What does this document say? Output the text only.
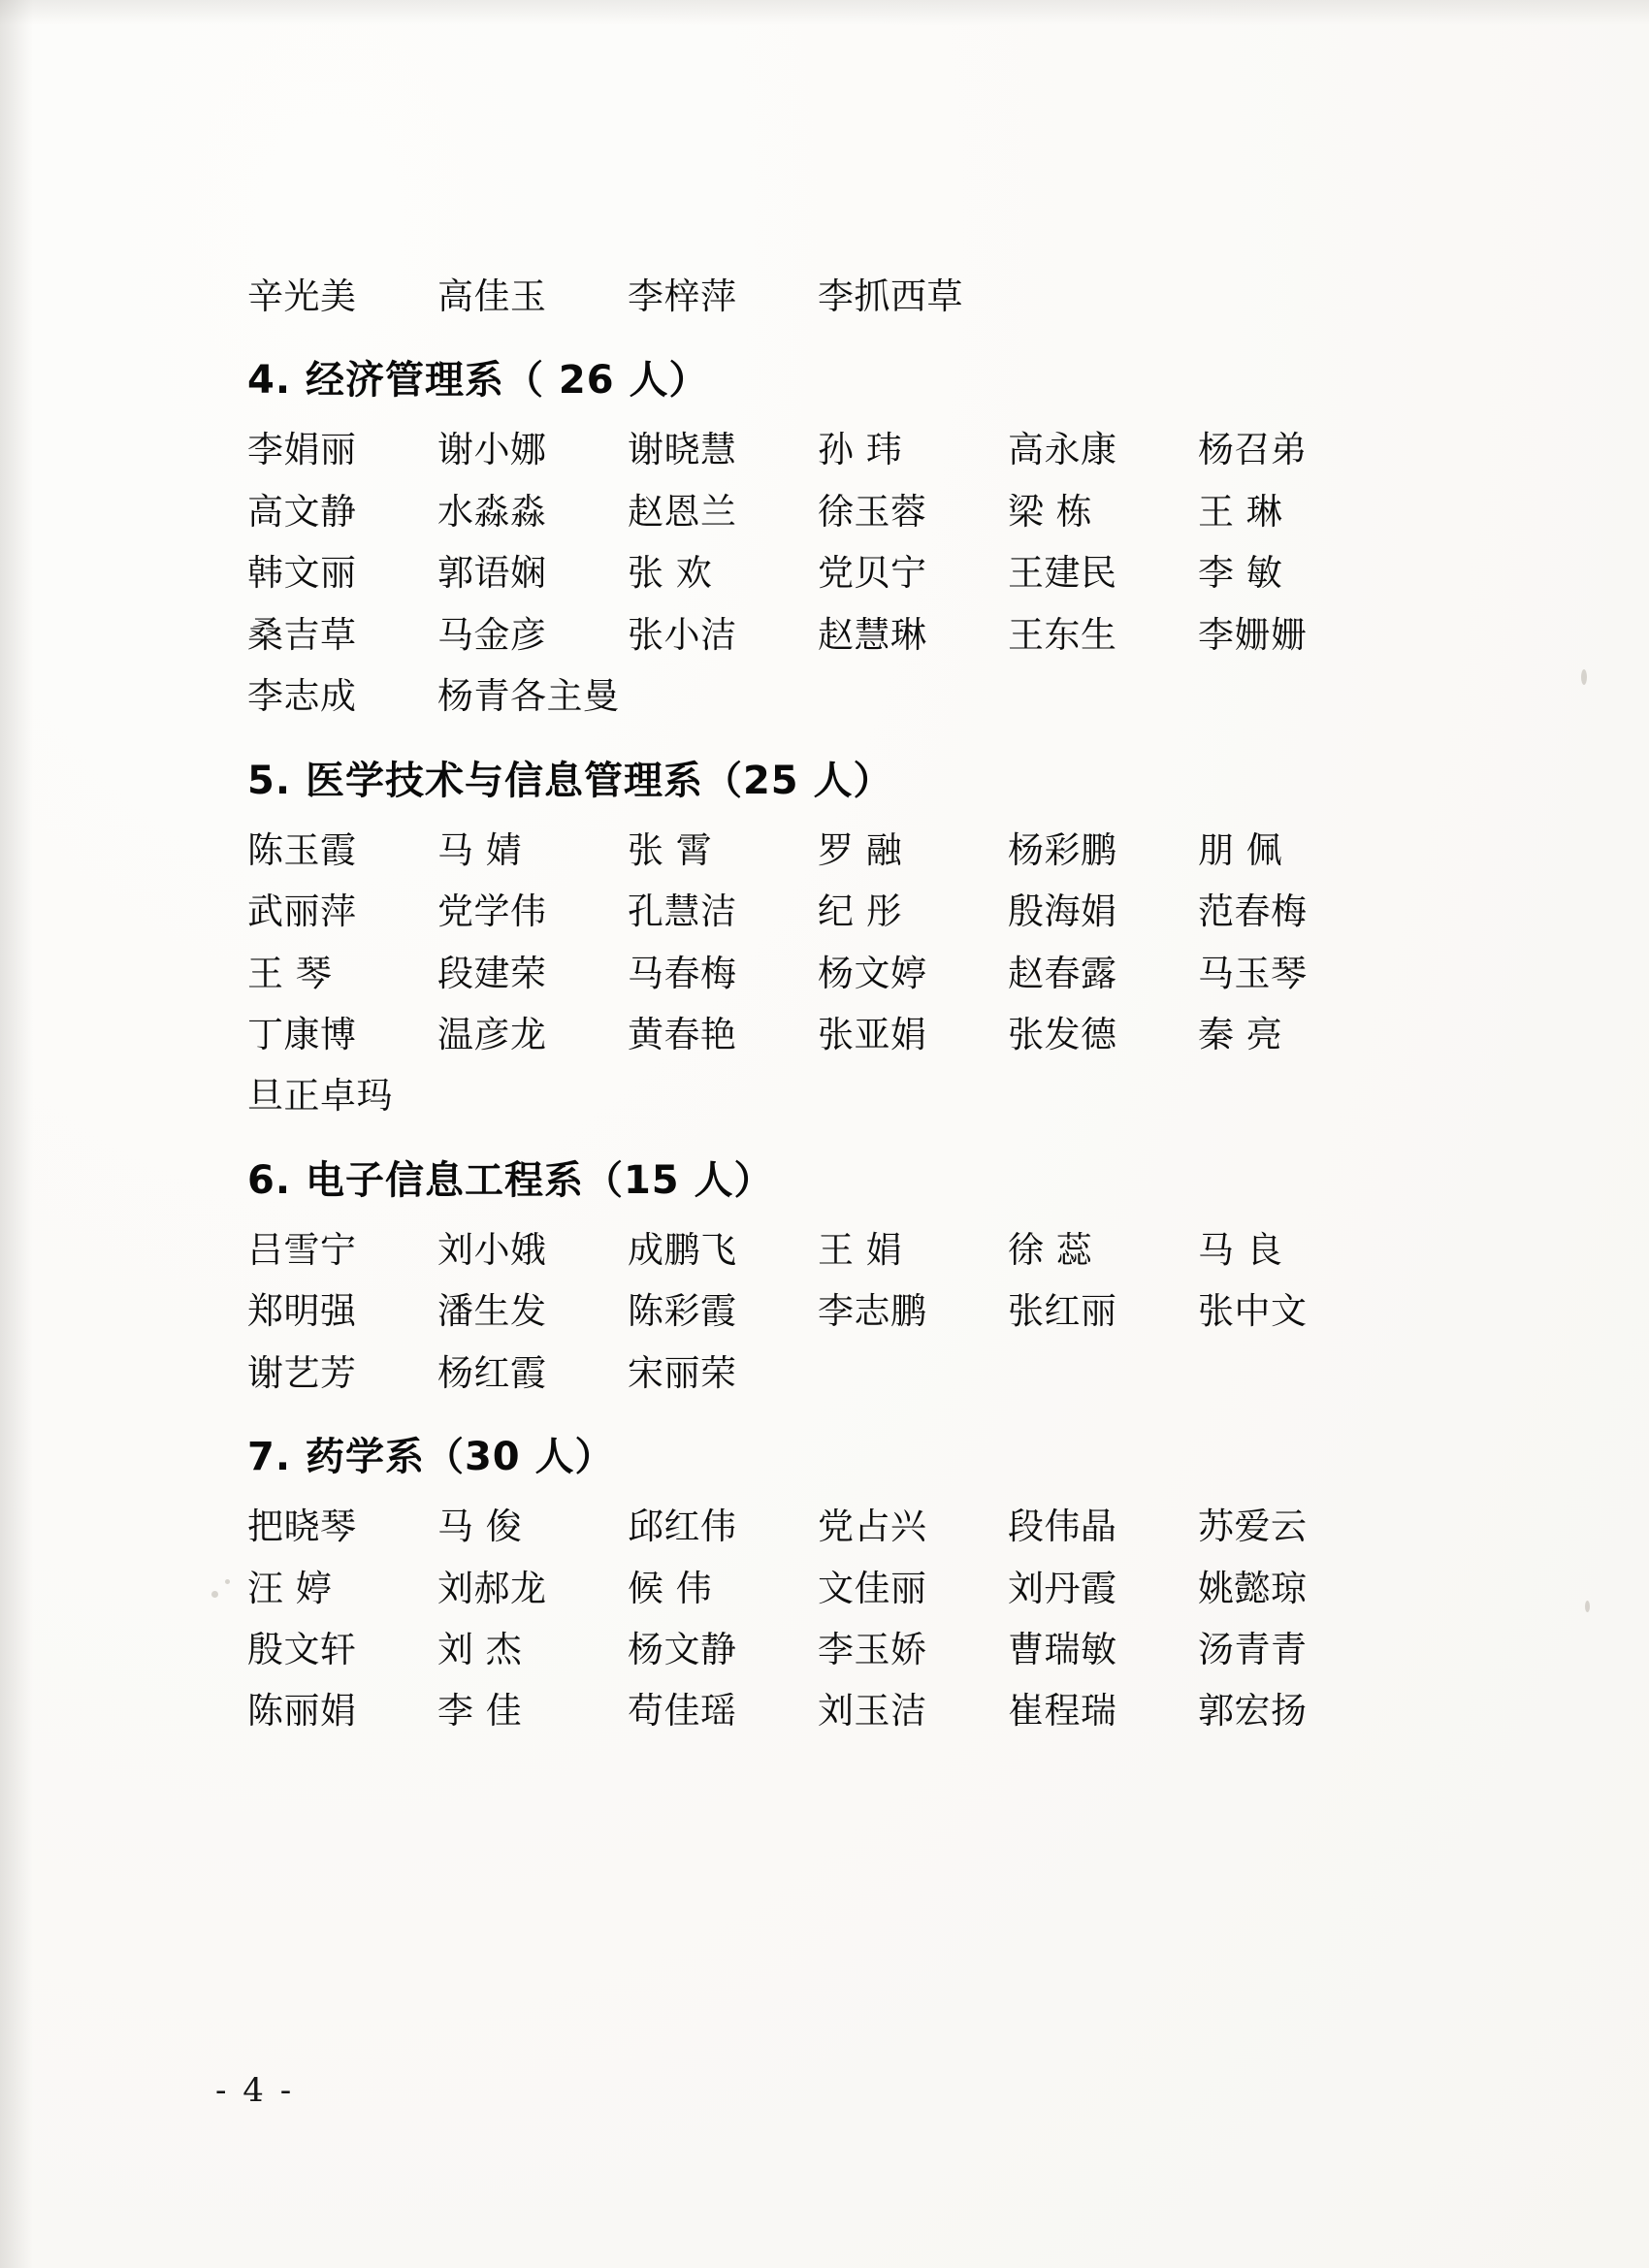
辛光美	高佳玉	李梓萍	李抓西草
4. 经济管理系（ 26 人）
李娟丽	谢小娜	谢晓慧	孙 玮	高永康	杨召弟
高文静	水淼淼	赵恩兰	徐玉蓉	梁 栋	王 琳
韩文丽	郭语娴	张 欢	党贝宁	王建民	李 敏
桑吉草	马金彦	张小洁	赵慧琳	王东生	李姗姗
李志成	杨青各主曼
5. 医学技术与信息管理系（25 人）
陈玉霞	马 婧	张 霄	罗 融	杨彩鹏	朋 佩
武丽萍	党学伟	孔慧洁	纪 彤	殷海娟	范春梅
王 琴	段建荣	马春梅	杨文婷	赵春露	马玉琴
丁康博	温彦龙	黄春艳	张亚娟	张发德	秦 亮
旦正卓玛
6. 电子信息工程系（15 人）
吕雪宁	刘小娥	成鹏飞	王 娟	徐 蕊	马 良
郑明强	潘生发	陈彩霞	李志鹏	张红丽	张中文
谢艺芳	杨红霞	宋丽荣
7. 药学系（30 人）
把晓琴	马 俊	邱红伟	党占兴	段伟晶	苏爱云
汪 婷	刘郝龙	候 伟	文佳丽	刘丹霞	姚懿琼
殷文轩	刘 杰	杨文静	李玉娇	曹瑞敏	汤青青
陈丽娟	李 佳	苟佳瑶	刘玉洁	崔程瑞	郭宏扬
- 4 -
